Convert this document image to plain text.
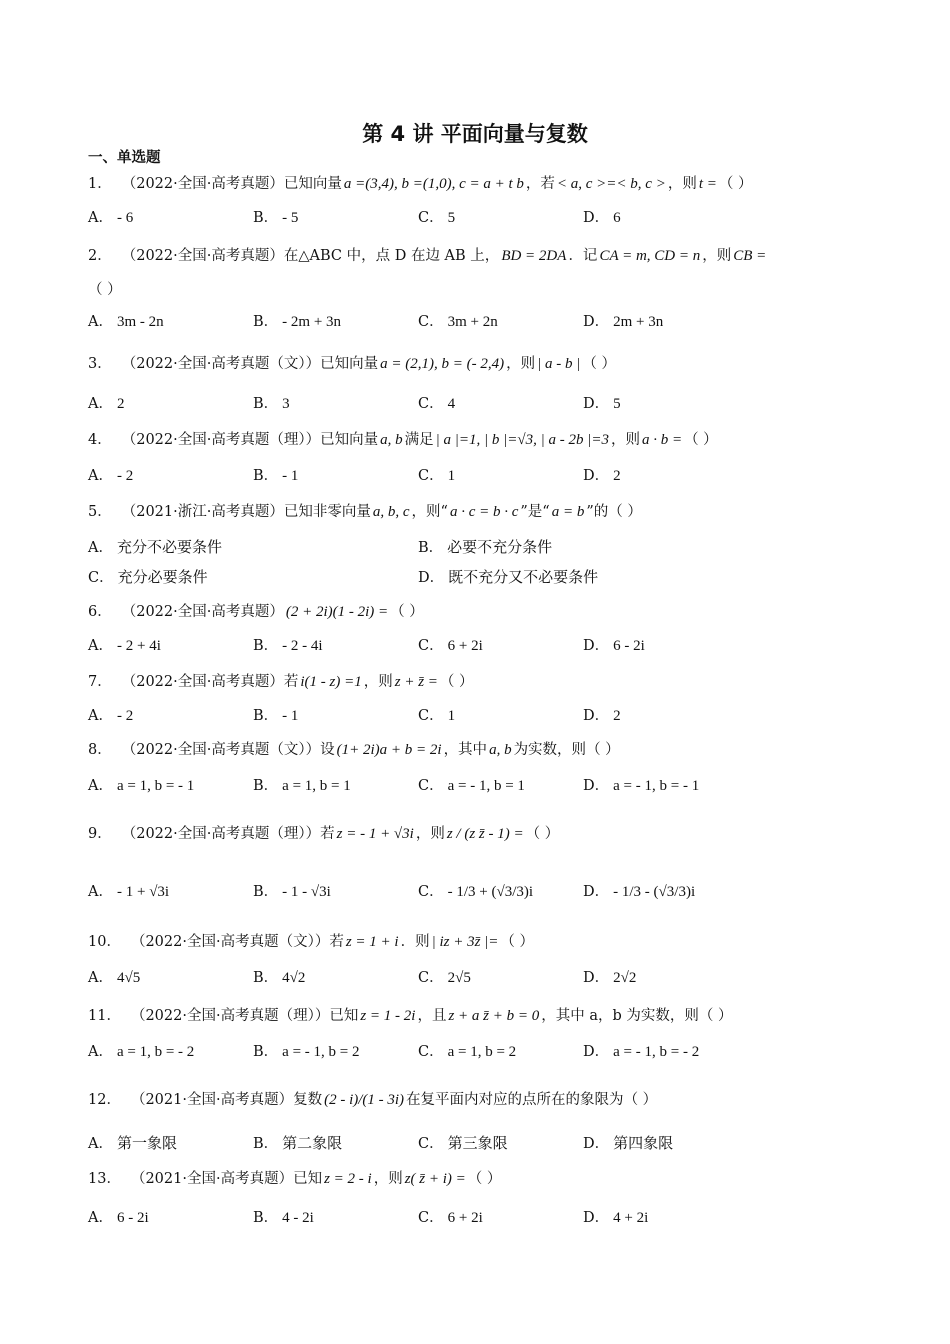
第 4 讲 平面向量与复数
一、单选题
1． （2022·全国·高考真题）已知向量 a =(3,4), b =(1,0), c = a + t b ，若 < a, c >=< b, c > ，则 t = （ ）
A． - 6	B． - 5	C． 5	D． 6
2． （2022·全国·高考真题）在△ABC 中，点 D 在边 AB 上， BD = 2DA ．记 CA = m, CD = n ，则 CB =
（ ）
A． 3m - 2n	B． - 2m + 3n	C． 3m + 2n	D． 2m + 3n
3． （2022·全国·高考真题（文））已知向量 a = (2,1), b = (- 2,4) ，则 | a - b | （ ）
A． 2	B． 3	C． 4	D． 5
4． （2022·全国·高考真题（理））已知向量 a, b 满足 | a |=1, | b |=√3, | a - 2b |=3 ，则 a · b = （ ）
A． - 2	B． - 1	C． 1	D． 2
5． （2021·浙江·高考真题）已知非零向量 a, b, c ，则“ a · c = b · c ”是“ a = b ”的（ ）
A． 充分不必要条件	B． 必要不充分条件
C． 充分必要条件	D． 既不充分又不必要条件
6． （2022·全国·高考真题） (2 + 2i)(1 - 2i) = （ ）
A． - 2 + 4i	B． - 2 - 4i	C． 6 + 2i	D． 6 - 2i
7． （2022·全国·高考真题）若 i(1 - z) =1 ，则 z + z̄ = （ ）
A． - 2	B． - 1	C． 1	D． 2
8． （2022·全国·高考真题（文））设 (1+ 2i)a + b = 2i ，其中 a, b 为实数，则（ ）
A． a = 1, b = - 1	B． a = 1, b = 1	C． a = - 1, b = 1	D． a = - 1, b = - 1
9． （2022·全国·高考真题（理））若 z = - 1 + √3i ，则 z / (z z̄ - 1) = （ ）
A． - 1 + √3i	B． - 1 - √3i	C． - 1/3 + (√3/3)i	D． - 1/3 - (√3/3)i
10． （2022·全国·高考真题（文））若 z = 1 + i ．则 | iz + 3z̄ |= （ ）
A． 4√5	B． 4√2	C． 2√5	D． 2√2
11． （2022·全国·高考真题（理））已知 z = 1 - 2i ，且 z + a z̄ + b = 0 ，其中 a，b 为实数，则（ ）
A． a = 1, b = - 2	B． a = - 1, b = 2	C． a = 1, b = 2	D． a = - 1, b = - 2
12． （2021·全国·高考真题）复数 (2 - i)/(1 - 3i) 在复平面内对应的点所在的象限为（ ）
A． 第一象限	B． 第二象限	C． 第三象限	D． 第四象限
13． （2021·全国·高考真题）已知 z = 2 - i ，则 z( z̄ + i) = （ ）
A． 6 - 2i	B． 4 - 2i	C． 6 + 2i	D． 4 + 2i
